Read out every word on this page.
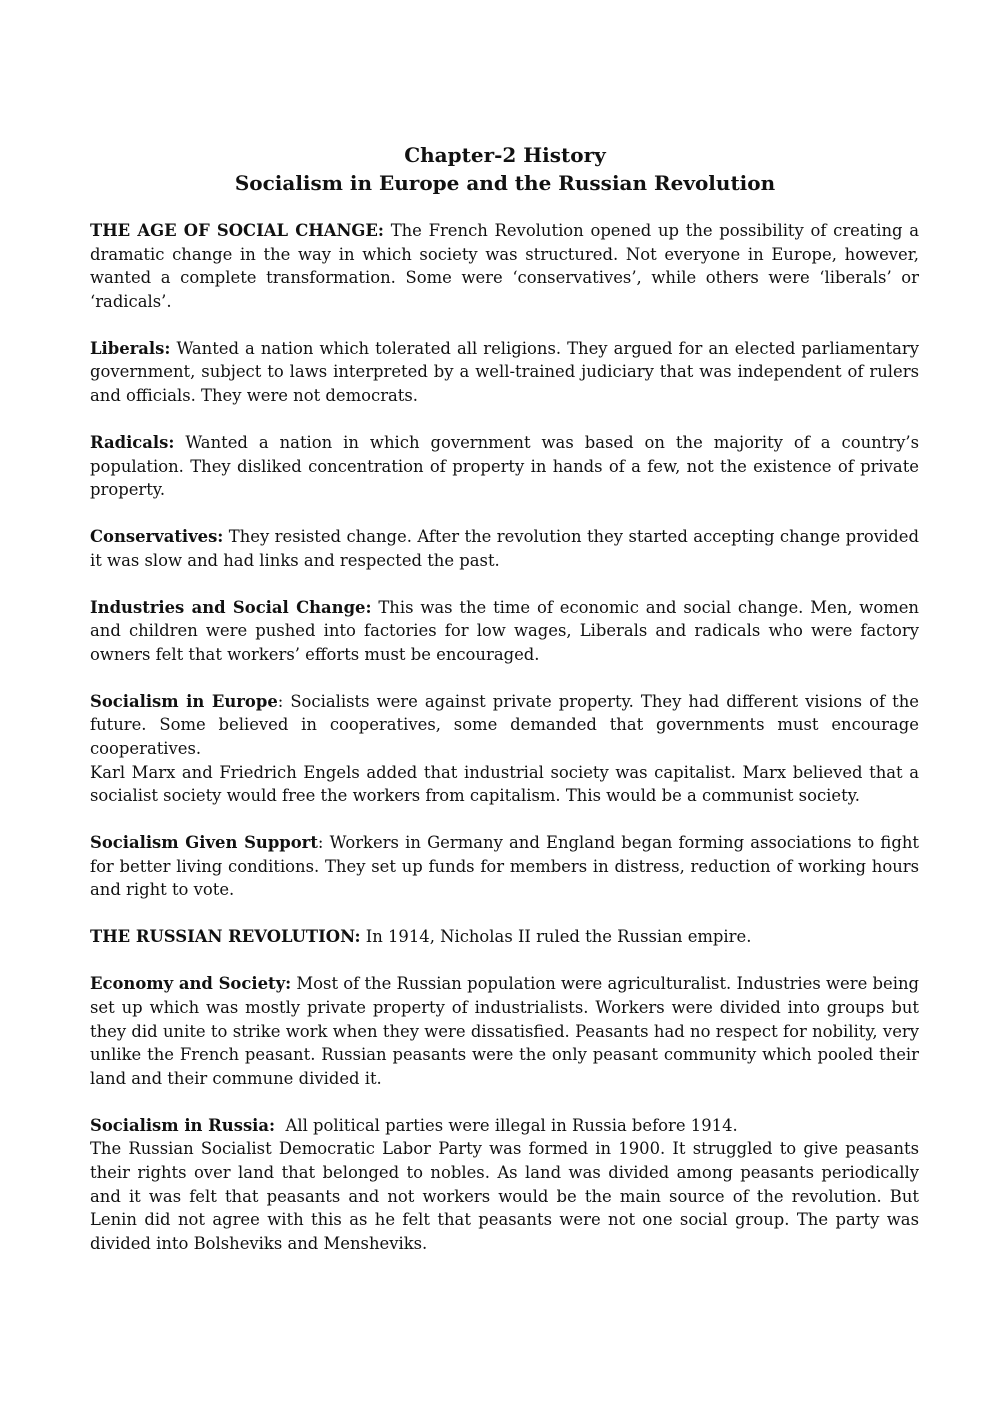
Chapter-2 History
Socialism in Europe and the Russian Revolution

THE AGE OF SOCIAL CHANGE: The French Revolution opened up the possibility of creating a dramatic change in the way in which society was structured. Not everyone in Europe, however, wanted a complete transformation. Some were ‘conservatives’, while others were ‘liberals’ or ‘radicals’.

Liberals: Wanted a nation which tolerated all religions. They argued for an elected parliamentary government, subject to laws interpreted by a well-trained judiciary that was independent of rulers and officials. They were not democrats.

Radicals: Wanted a nation in which government was based on the majority of a country’s population. They disliked concentration of property in hands of a few, not the existence of private property.

Conservatives: They resisted change. After the revolution they started accepting change provided it was slow and had links and respected the past.

Industries and Social Change: This was the time of economic and social change. Men, women and children were pushed into factories for low wages, Liberals and radicals who were factory owners felt that workers’ efforts must be encouraged.

Socialism in Europe: Socialists were against private property. They had different visions of the future. Some believed in cooperatives, some demanded that governments must encourage cooperatives.

Karl Marx and Friedrich Engels added that industrial society was capitalist. Marx believed that a socialist society would free the workers from capitalism. This would be a communist society.

Socialism Given Support: Workers in Germany and England began forming associations to fight for better living conditions. They set up funds for members in distress, reduction of working hours and right to vote.

THE RUSSIAN REVOLUTION: In 1914, Nicholas II ruled the Russian empire.

Economy and Society: Most of the Russian population were agriculturalist. Industries were being set up which was mostly private property of industrialists. Workers were divided into groups but they did unite to strike work when they were dissatisfied. Peasants had no respect for nobility, very unlike the French peasant. Russian peasants were the only peasant community which pooled their land and their commune divided it.

Socialism in Russia:  All political parties were illegal in Russia before 1914.

The Russian Socialist Democratic Labor Party was formed in 1900. It struggled to give peasants their rights over land that belonged to nobles. As land was divided among peasants periodically and it was felt that peasants and not workers would be the main source of the revolution. But Lenin did not agree with this as he felt that peasants were not one social group. The party was divided into Bolsheviks and Mensheviks.
